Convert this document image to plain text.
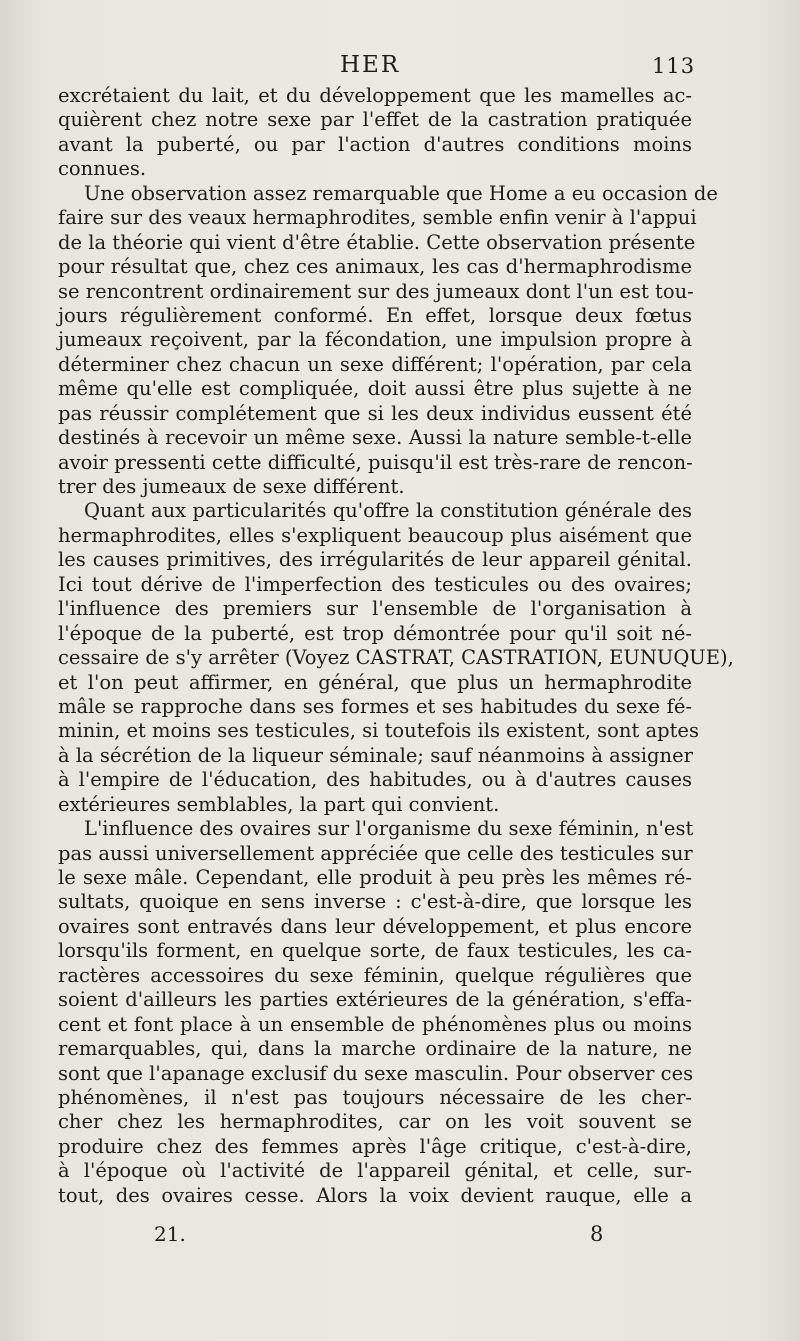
HER	113
excrétaient du lait, et du développement que les mamelles ac-
quièrent chez notre sexe par l'effet de la castration pratiquée
avant la puberté, ou par l'action d'autres conditions moins
connues.
Une observation assez remarquable que Home a eu occasion de
faire sur des veaux hermaphrodites, semble enfin venir à l'appui
de la théorie qui vient d'être établie. Cette observation présente
pour résultat que, chez ces animaux, les cas d'hermaphrodisme
se rencontrent ordinairement sur des jumeaux dont l'un est tou-
jours régulièrement conformé. En effet, lorsque deux fœtus
jumeaux reçoivent, par la fécondation, une impulsion propre à
déterminer chez chacun un sexe différent; l'opération, par cela
même qu'elle est compliquée, doit aussi être plus sujette à ne
pas réussir complétement que si les deux individus eussent été
destinés à recevoir un même sexe. Aussi la nature semble-t-elle
avoir pressenti cette difficulté, puisqu'il est très-rare de rencon-
trer des jumeaux de sexe différent.
Quant aux particularités qu'offre la constitution générale des
hermaphrodites, elles s'expliquent beaucoup plus aisément que
les causes primitives, des irrégularités de leur appareil génital.
Ici tout dérive de l'imperfection des testicules ou des ovaires;
l'influence des premiers sur l'ensemble de l'organisation à
l'époque de la puberté, est trop démontrée pour qu'il soit né-
cessaire de s'y arrêter (Voyez CASTRAT, CASTRATION, EUNUQUE),
et l'on peut affirmer, en général, que plus un hermaphrodite
mâle se rapproche dans ses formes et ses habitudes du sexe fé-
minin, et moins ses testicules, si toutefois ils existent, sont aptes
à la sécrétion de la liqueur séminale; sauf néanmoins à assigner
à l'empire de l'éducation, des habitudes, ou à d'autres causes
extérieures semblables, la part qui convient.
L'influence des ovaires sur l'organisme du sexe féminin, n'est
pas aussi universellement appréciée que celle des testicules sur
le sexe mâle. Cependant, elle produit à peu près les mêmes ré-
sultats, quoique en sens inverse : c'est-à-dire, que lorsque les
ovaires sont entravés dans leur développement, et plus encore
lorsqu'ils forment, en quelque sorte, de faux testicules, les ca-
ractères accessoires du sexe féminin, quelque régulières que
soient d'ailleurs les parties extérieures de la génération, s'effa-
cent et font place à un ensemble de phénomènes plus ou moins
remarquables, qui, dans la marche ordinaire de la nature, ne
sont que l'apanage exclusif du sexe masculin. Pour observer ces
phénomènes, il n'est pas toujours nécessaire de les cher-
cher chez les hermaphrodites, car on les voit souvent se
produire chez des femmes après l'âge critique, c'est-à-dire,
à l'époque où l'activité de l'appareil génital, et celle, sur-
tout, des ovaires cesse. Alors la voix devient rauque, elle a
21.	8
